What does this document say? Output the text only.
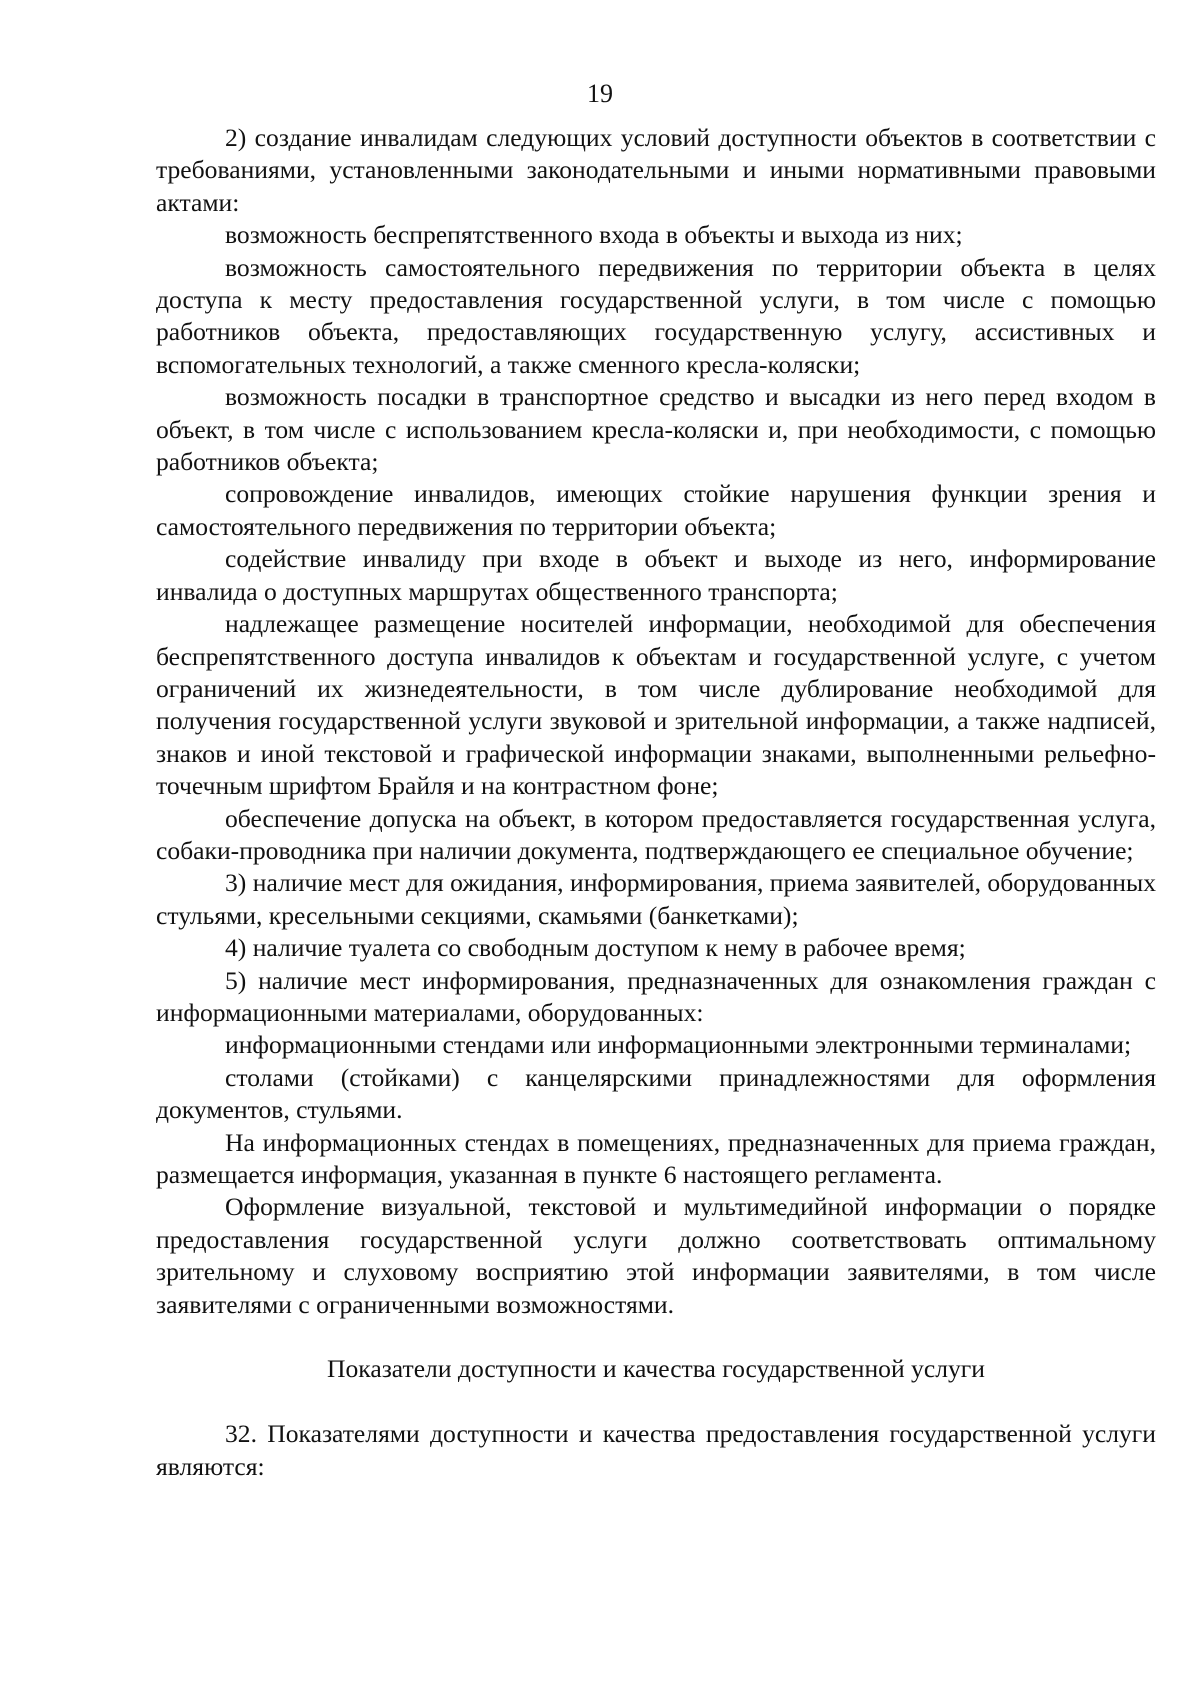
19

2) создание инвалидам следующих условий доступности объектов в соответствии с требованиями, установленными законодательными и иными нормативными правовыми актами:

возможность беспрепятственного входа в объекты и выхода из них;

возможность самостоятельного передвижения по территории объекта в целях доступа к месту предоставления государственной услуги, в том числе с помощью работников объекта, предоставляющих государственную услугу, ассистивных и вспомогательных технологий, а также сменного кресла-коляски;

возможность посадки в транспортное средство и высадки из него перед входом в объект, в том числе с использованием кресла-коляски и, при необходимости, с помощью работников объекта;

сопровождение инвалидов, имеющих стойкие нарушения функции зрения и самостоятельного передвижения по территории объекта;

содействие инвалиду при входе в объект и выходе из него, информирование инвалида о доступных маршрутах общественного транспорта;

надлежащее размещение носителей информации, необходимой для обеспечения беспрепятственного доступа инвалидов к объектам и государственной услуге, с учетом ограничений их жизнедеятельности, в том числе дублирование необходимой для получения государственной услуги звуковой и зрительной информации, а также надписей, знаков и иной текстовой и графической информации знаками, выполненными рельефно-точечным шрифтом Брайля и на контрастном фоне;

обеспечение допуска на объект, в котором предоставляется государственная услуга, собаки-проводника при наличии документа, подтверждающего ее специальное обучение;

3) наличие мест для ожидания, информирования, приема заявителей, оборудованных стульями, кресельными секциями, скамьями (банкетками);

4) наличие туалета со свободным доступом к нему в рабочее время;

5) наличие мест информирования, предназначенных для ознакомления граждан с информационными материалами, оборудованных:

информационными стендами или информационными электронными терминалами;

столами (стойками) с канцелярскими принадлежностями для оформления документов, стульями.

На информационных стендах в помещениях, предназначенных для приема граждан, размещается информация, указанная в пункте 6 настоящего регламента.

Оформление визуальной, текстовой и мультимедийной информации о порядке предоставления государственной услуги должно соответствовать оптимальному зрительному и слуховому восприятию этой информации заявителями, в том числе заявителями с ограниченными возможностями.

Показатели доступности и качества государственной услуги

32. Показателями доступности и качества предоставления государственной услуги являются:
